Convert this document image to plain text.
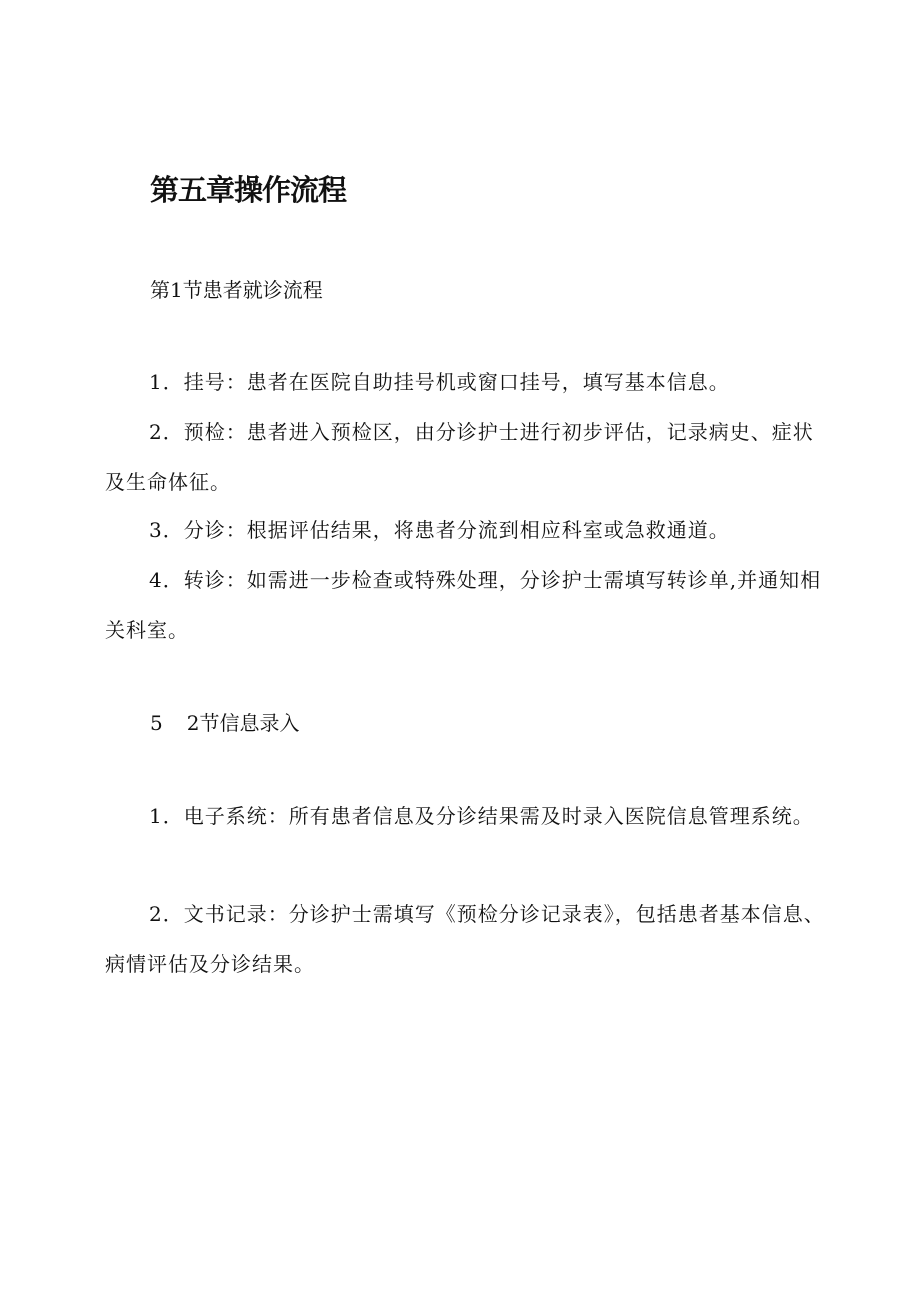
第五章操作流程
第1节患者就诊流程

1．挂号：患者在医院自助挂号机或窗口挂号，填写基本信息。

2．预检：患者进入预检区，由分诊护士进行初步评估，记录病史、症状及生命体征。

3．分诊：根据评估结果，将患者分流到相应科室或急救通道。

4．转诊：如需进一步检查或特殊处理，分诊护士需填写转诊单,并通知相关科室。

5 2节信息录入

1．电子系统：所有患者信息及分诊结果需及时录入医院信息管理系统。

2．文书记录：分诊护士需填写《预检分诊记录表》，包括患者基本信息、病情评估及分诊结果。
